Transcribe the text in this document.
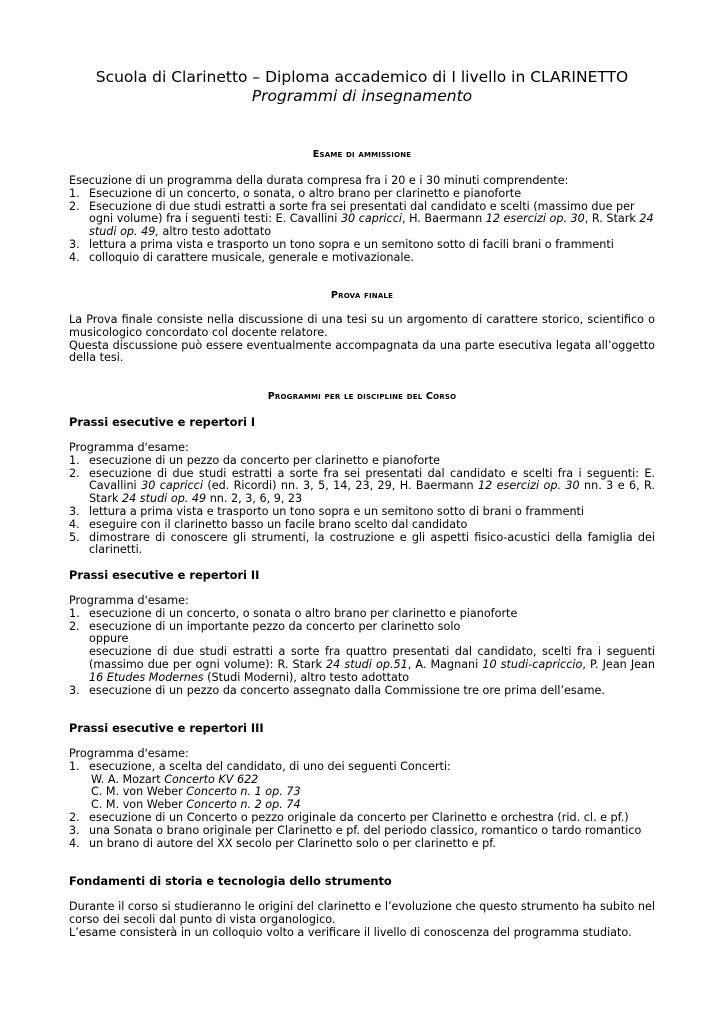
Scuola di Clarinetto – Diploma accademico di I livello in CLARINETTO
Programmi di insegnamento
Esame di ammissione

Esecuzione di un programma della durata compresa fra i 20 e i 30 minuti comprendente:

1. Esecuzione di un concerto, o sonata, o altro brano per clarinetto e pianoforte
2. Esecuzione di due studi estratti a sorte fra sei presentati dal candidato e scelti (massimo due per ogni volume) fra i seguenti testi: E. Cavallini 30 capricci, H. Baermann 12 esercizi op. 30, R. Stark 24 studi op. 49, altro testo adottato
3. lettura a prima vista e trasporto un tono sopra e un semitono sotto di facili brani o frammenti
4. colloquio di carattere musicale, generale e motivazionale.
Prova finale

La Prova finale consiste nella discussione di una tesi su un argomento di carattere storico, scientifico o musicologico concordato col docente relatore.

Questa discussione può essere eventualmente accompagnata da una parte esecutiva legata all’oggetto della tesi.

Programmi per le discipline del Corso
Prassi esecutive e repertori I

Programma d'esame:

1. esecuzione di un pezzo da concerto per clarinetto e pianoforte
2. esecuzione di due studi estratti a sorte fra sei presentati dal candidato e scelti fra i seguenti: E. Cavallini 30 capricci (ed. Ricordi) nn. 3, 5, 14, 23, 29, H. Baermann 12 esercizi op. 30 nn. 3 e 6, R. Stark 24 studi op. 49 nn. 2, 3, 6, 9, 23
3. lettura a prima vista e trasporto un tono sopra e un semitono sotto di brani o frammenti
4. eseguire con il clarinetto basso un facile brano scelto dal candidato
5. dimostrare di conoscere gli strumenti, la costruzione e gli aspetti fisico-acustici della famiglia dei clarinetti.
Prassi esecutive e repertori II

Programma d'esame:

1. esecuzione di un concerto, o sonata o altro brano per clarinetto e pianoforte
2. esecuzione di un importante pezzo da concerto per clarinetto solo
oppure
esecuzione di due studi estratti a sorte fra quattro presentati dal candidato, scelti fra i seguenti (massimo due per ogni volume): R. Stark 24 studi op.51, A. Magnani 10 studi-capriccio, P. Jean Jean 16 Etudes Modernes (Studi Moderni), altro testo adottato
3. esecuzione di un pezzo da concerto assegnato dalla Commissione tre ore prima dell’esame.
Prassi esecutive e repertori III

Programma d'esame:

1. esecuzione, a scelta del candidato, di uno dei seguenti Concerti:
W. A. Mozart Concerto KV 622
C. M. von Weber Concerto n. 1 op. 73
C. M. von Weber Concerto n. 2 op. 74
2. esecuzione di un Concerto o pezzo originale da concerto per Clarinetto e orchestra (rid. cl. e pf.)
3. una Sonata o brano originale per Clarinetto e pf. del periodo classico, romantico o tardo romantico
4. un brano di autore del XX secolo per Clarinetto solo o per clarinetto e pf.
Fondamenti di storia e tecnologia dello strumento

Durante il corso si studieranno le origini del clarinetto e l’evoluzione che questo strumento ha subito nel corso dei secoli dal punto di vista organologico.

L’esame consisterà in un colloquio volto a verificare il livello di conoscenza del programma studiato.
